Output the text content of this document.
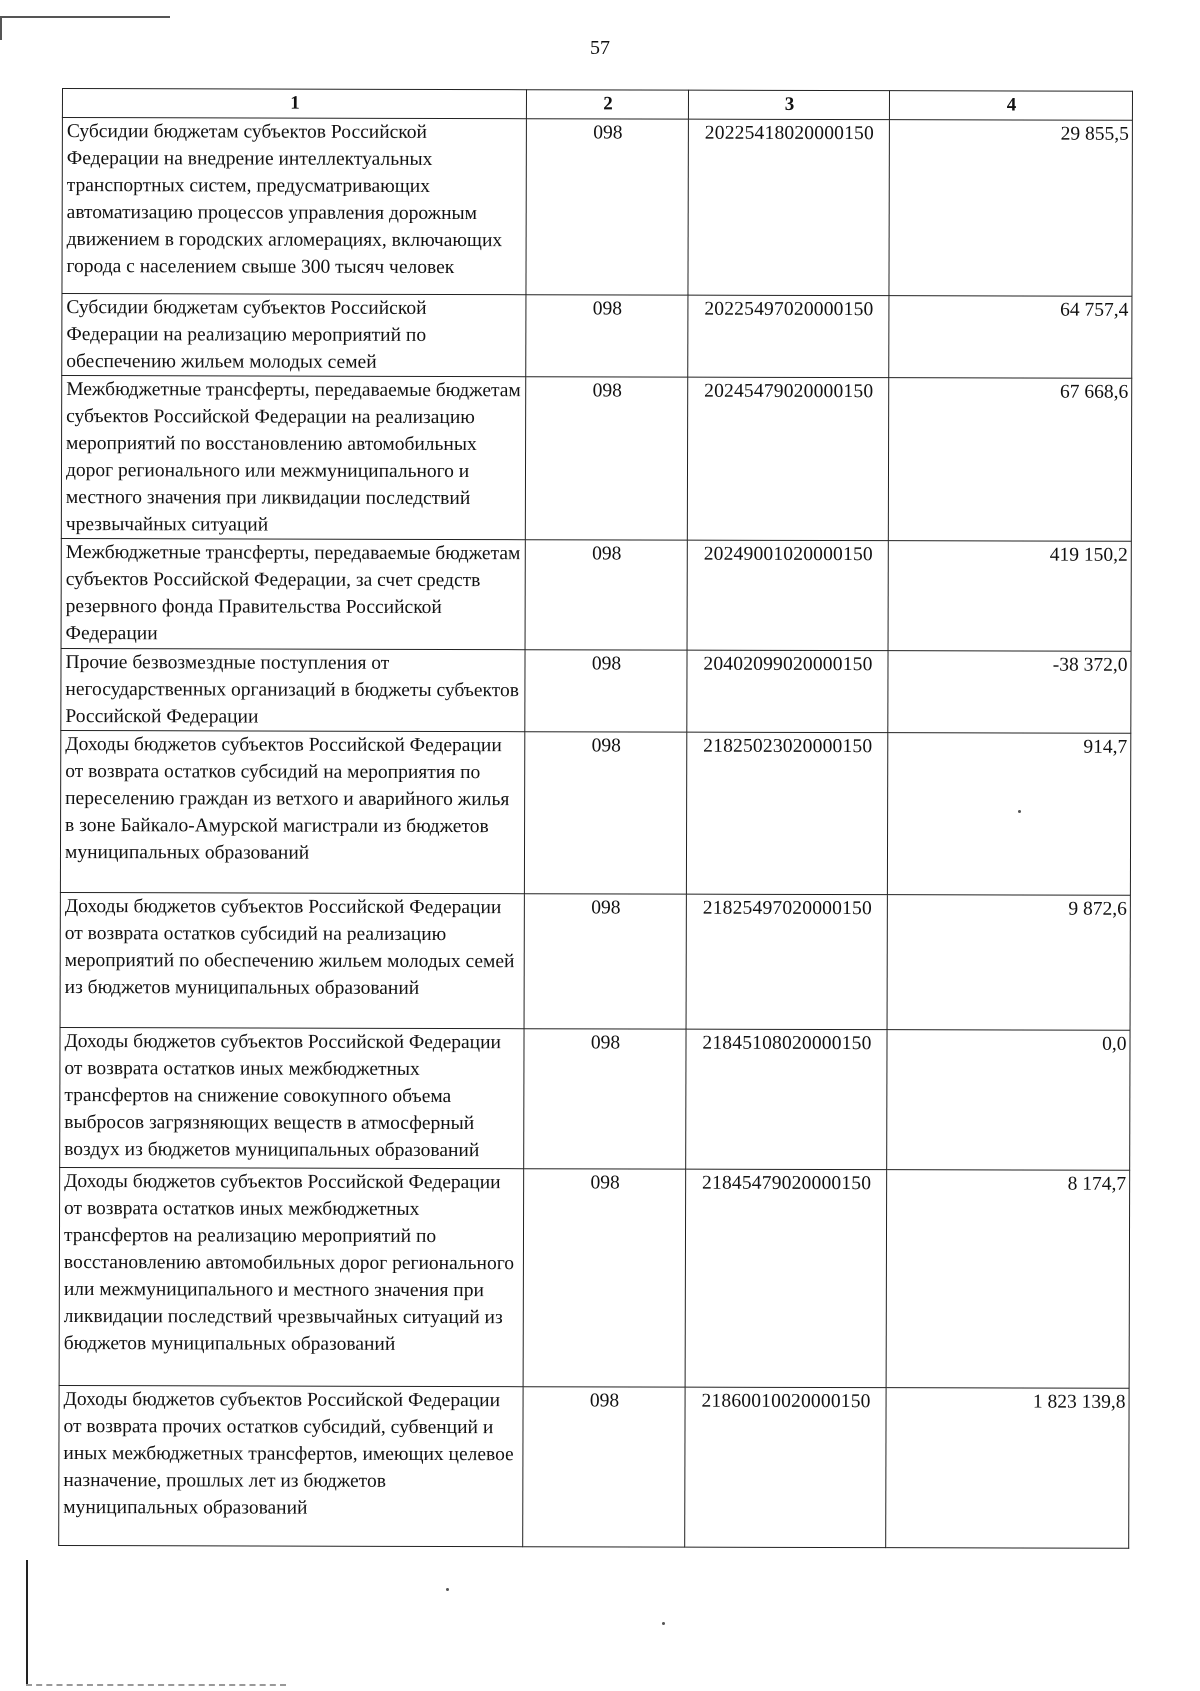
57
1	2	3	4
Субсидии бюджетам субъектов Российской Федерации на внедрение интеллектуальных транспортных систем, предусматривающих автоматизацию процессов управления дорожным движением в городских агломерациях, включающих города с населением свыше 300 тысяч человек	098	20225418020000150	29 855,5
Субсидии бюджетам субъектов Российской Федерации на реализацию мероприятий по обеспечению жильем молодых семей	098	20225497020000150	64 757,4
Межбюджетные трансферты, передаваемые бюджетам субъектов Российской Федерации на реализацию мероприятий по восстановлению автомобильных дорог регионального или межмуниципального и местного значения при ликвидации последствий чрезвычайных ситуаций	098	20245479020000150	67 668,6
Межбюджетные трансферты, передаваемые бюджетам субъектов Российской Федерации, за счет средств резервного фонда Правительства Российской Федерации	098	20249001020000150	419 150,2
Прочие безвозмездные поступления от негосударственных организаций в бюджеты субъектов Российской Федерации	098	20402099020000150	-38 372,0
Доходы бюджетов субъектов Российской Федерации от возврата остатков субсидий на мероприятия по переселению граждан из ветхого и аварийного жилья в зоне Байкало-Амурской магистрали из бюджетов муниципальных образований	098	21825023020000150	914,7
Доходы бюджетов субъектов Российской Федерации от возврата остатков субсидий на реализацию мероприятий по обеспечению жильем молодых семей из бюджетов муниципальных образований	098	21825497020000150	9 872,6
Доходы бюджетов субъектов Российской Федерации от возврата остатков иных межбюджетных трансфертов на снижение совокупного объема выбросов загрязняющих веществ в атмосферный воздух из бюджетов муниципальных образований	098	21845108020000150	0,0
Доходы бюджетов субъектов Российской Федерации от возврата остатков иных межбюджетных трансфертов на реализацию мероприятий по восстановлению автомобильных дорог регионального или межмуниципального и местного значения при ликвидации последствий чрезвычайных ситуаций из бюджетов муниципальных образований	098	21845479020000150	8 174,7
Доходы бюджетов субъектов Российской Федерации от возврата прочих остатков субсидий, субвенций и иных межбюджетных трансфертов, имеющих целевое назначение, прошлых лет из бюджетов муниципальных образований	098	21860010020000150	1 823 139,8
